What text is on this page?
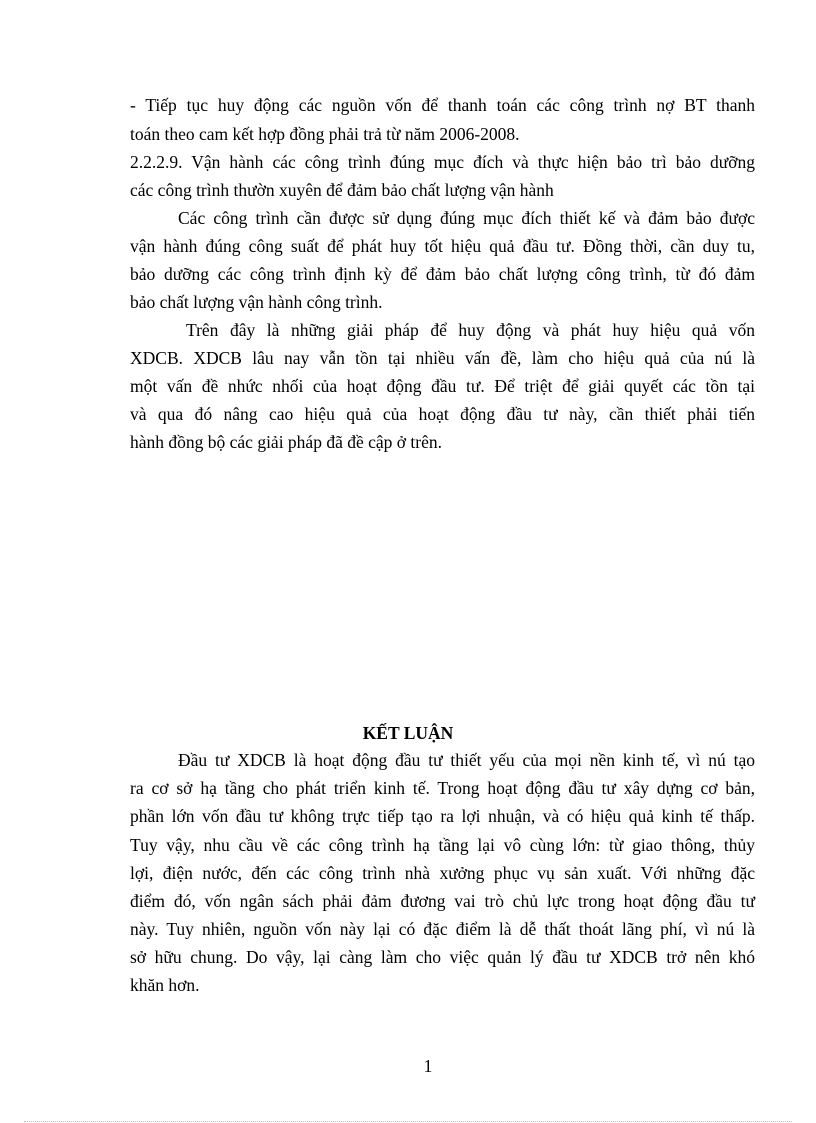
- Tiếp tục huy động các nguồn vốn để thanh toán các công trình nợ BT thanh
toán theo cam kết hợp đồng phải trả từ năm 2006-2008.
2.2.2.9. Vận hành các công trình đúng mục đích và thực hiện bảo trì bảo dưỡng
các công trình thườn xuyên để đảm bảo chất lượng vận hành
Các công trình cần được sử dụng đúng mục đích thiết kế và đảm bảo được
vận hành đúng công suất để phát huy tốt hiệu quả đầu tư. Đồng thời, cần duy tu,
bảo dưỡng các công trình định kỳ để đảm bảo chất lượng công trình, từ đó đảm
bảo chất lượng vận hành công trình.
Trên đây là những giải pháp để huy động và phát huy hiệu quả vốn
XDCB. XDCB lâu nay vẫn tồn tại nhiều vấn đề, làm cho hiệu quả của nú là
một vấn đề nhức nhối của hoạt động đầu tư. Để triệt để giải quyết các tồn tại
và qua đó nâng cao hiệu quả của hoạt động đầu tư này, cần thiết phải tiến
hành đồng bộ các giải pháp đã đề cập ở trên.
KẾT LUẬN
Đầu tư XDCB là hoạt động đầu tư thiết yếu của mọi nền kinh tế, vì nú tạo
ra cơ sở hạ tầng cho phát triển kinh tế. Trong hoạt động đầu tư xây dựng cơ bản,
phần lớn vốn đầu tư không trực tiếp tạo ra lợi nhuận, và có hiệu quả kinh tế thấp.
Tuy vậy, nhu cầu về các công trình hạ tầng lại vô cùng lớn: từ giao thông, thủy
lợi, điện nước, đến các công trình nhà xưởng phục vụ sản xuất. Với những đặc
điểm đó, vốn ngân sách phải đảm đương vai trò chủ lực trong hoạt động đầu tư
này. Tuy nhiên, nguồn vốn này lại có đặc điểm là dễ thất thoát lãng phí, vì nú là
sở hữu chung. Do vậy, lại càng làm cho việc quản lý đầu tư XDCB trở nên khó
khăn hơn.
1
